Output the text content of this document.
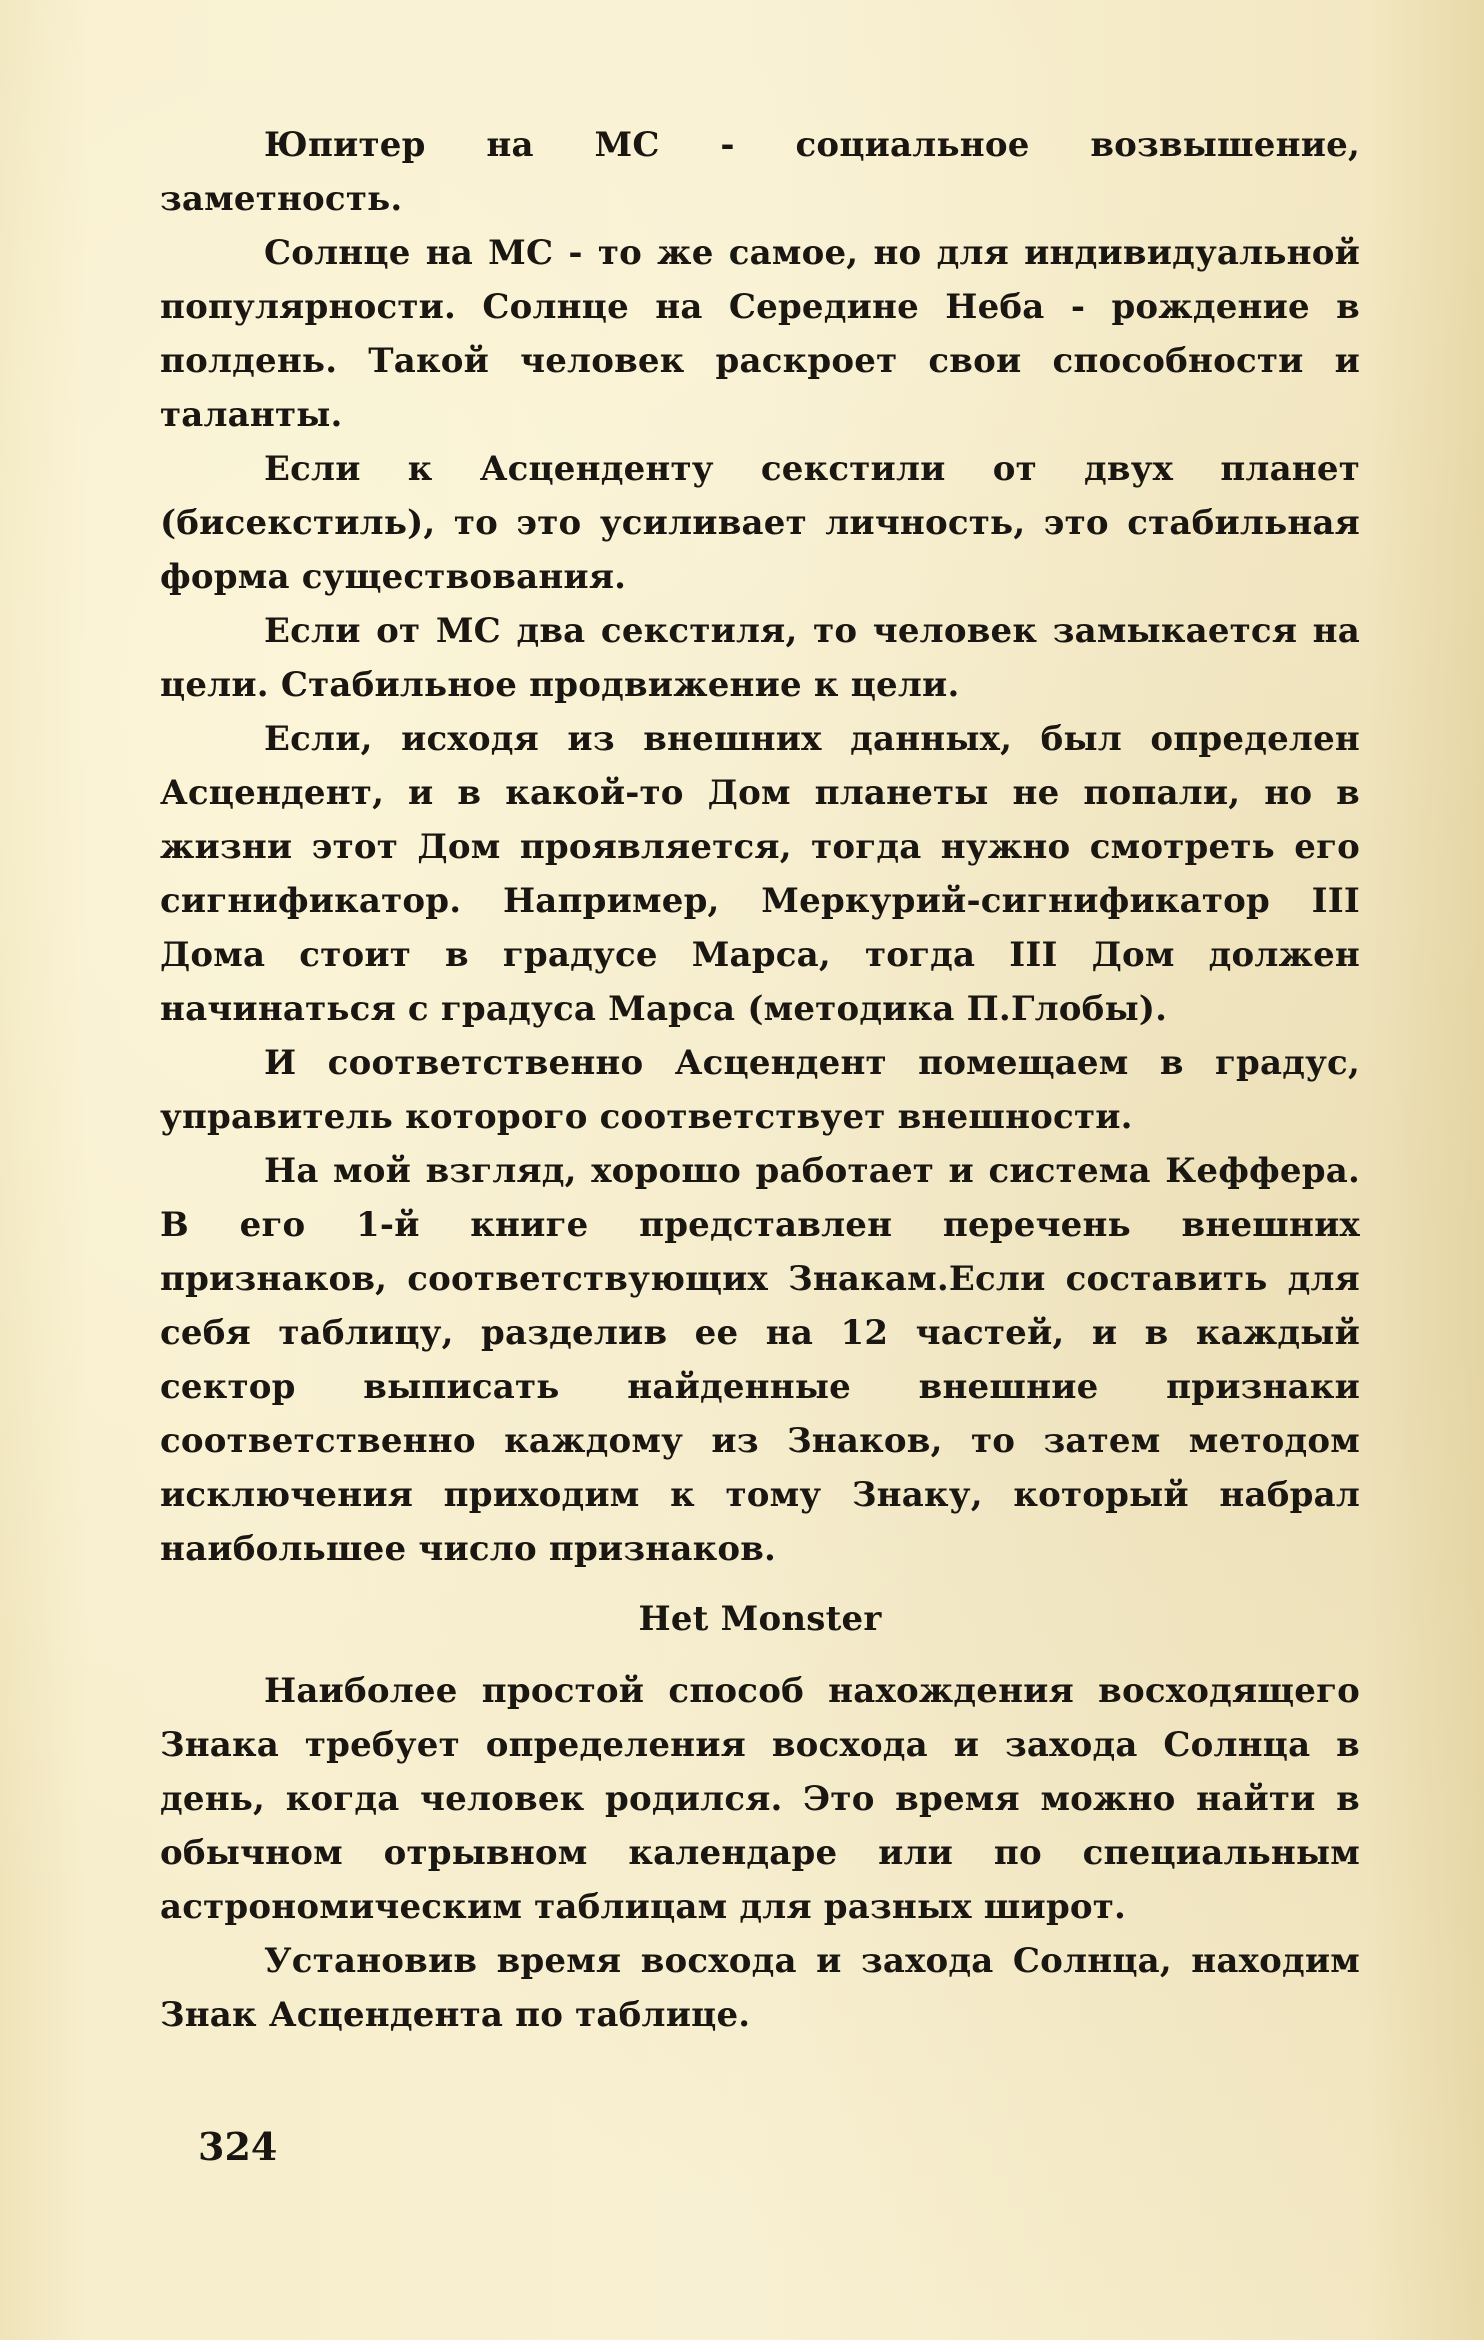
Юпитер на МС - социальное возвышение, заметность.

Солнце на МС - то же самое, но для индивидуальной популярности. Солнце на Середине Неба - рождение в полдень. Такой человек раскроет свои способности и таланты.

Если к Асценденту секстили от двух планет (бисекстиль), то это усиливает личность, это стабильная форма существования.

Если от МС два секстиля, то человек замыкается на цели. Стабильное продвижение к цели.

Если, исходя из внешних данных, был определен Асцендент, и в какой-то Дом планеты не попали, но в жизни этот Дом проявляется, тогда нужно смотреть его сигнификатор. Например, Меркурий-сигнификатор III Дома стоит в градусе Марса, тогда III Дом должен начинаться с градуса Марса (методика П.Глобы).

И соответственно Асцендент помещаем в градус, управитель которого соответствует внешности.

На мой взгляд, хорошо работает и система Кеффера. В его 1-й книге представлен перечень внешних признаков, соответствующих Знакам.Если составить для себя таблицу, разделив ее на 12 частей, и в каждый сектор выписать найденные внешние признаки соответственно каждому из Знаков, то затем методом исключения приходим к тому Знаку, который набрал наибольшее число признаков.

Het Monster

Наиболее простой способ нахождения восходящего Знака требует определения восхода и захода Солнца в день, когда человек родился. Это время можно найти в обычном отрывном календаре или по специальным астрономическим таблицам для разных широт.

Установив время восхода и захода Солнца, находим Знак Асцендента по таблице.

324
